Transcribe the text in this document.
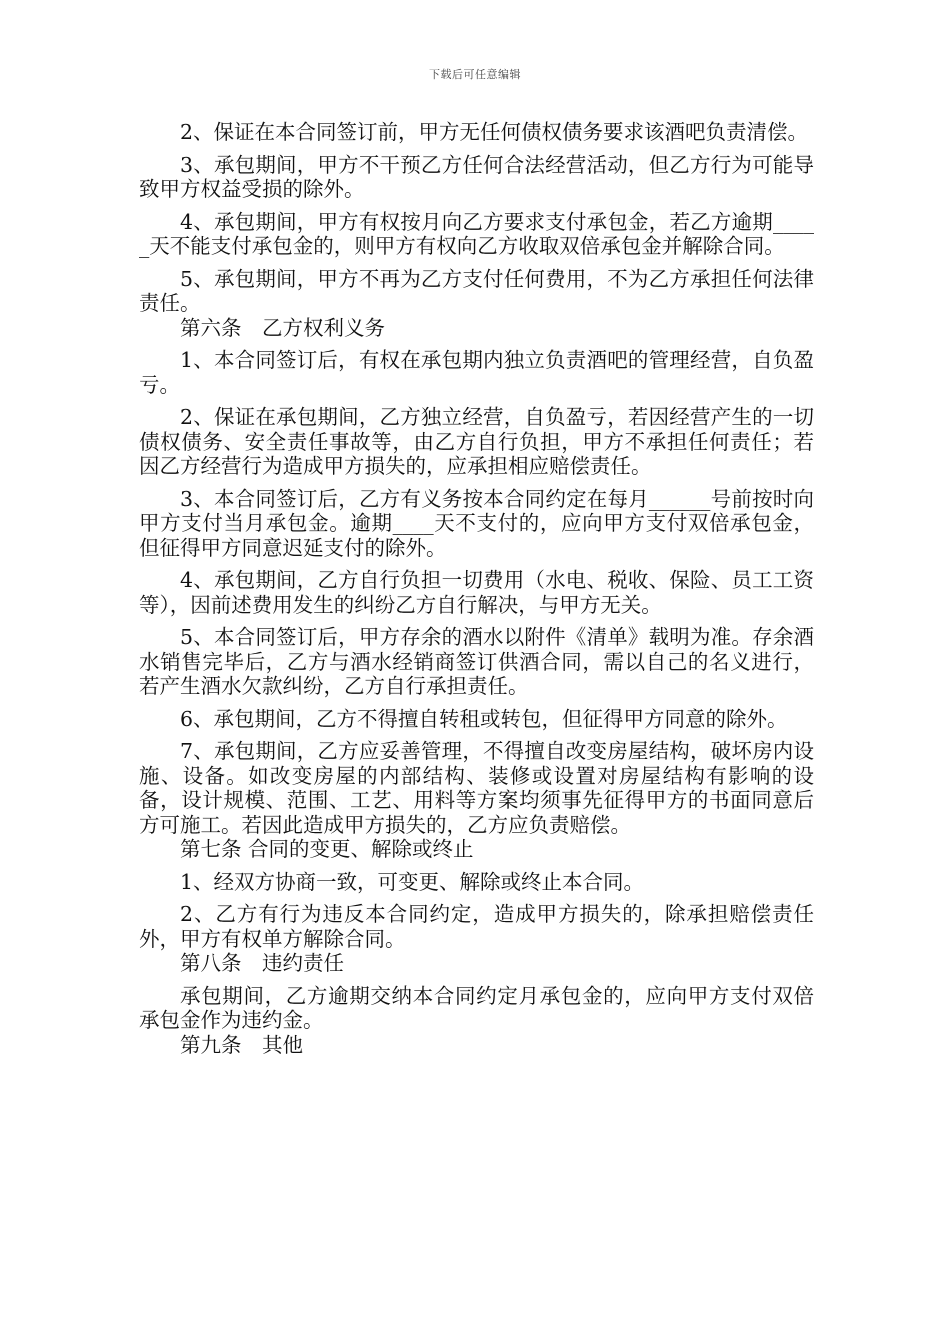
下载后可任意编辑

2、保证在本合同签订前，甲方无任何债权债务要求该酒吧负责清偿。

3、承包期间，甲方不干预乙方任何合法经营活动，但乙方行为可能导致甲方权益受损的除外。

4、承包期间，甲方有权按月向乙方要求支付承包金，若乙方逾期_____天不能支付承包金的，则甲方有权向乙方收取双倍承包金并解除合同。

5、承包期间，甲方不再为乙方支付任何费用，不为乙方承担任何法律责任。

第六条　乙方权利义务

1、本合同签订后，有权在承包期内独立负责酒吧的管理经营，自负盈亏。

2、保证在承包期间，乙方独立经营，自负盈亏，若因经营产生的一切债权债务、安全责任事故等，由乙方自行负担，甲方不承担任何责任；若因乙方经营行为造成甲方损失的，应承担相应赔偿责任。

3、本合同签订后，乙方有义务按本合同约定在每月______号前按时向甲方支付当月承包金。逾期____天不支付的，应向甲方支付双倍承包金，但征得甲方同意迟延支付的除外。

4、承包期间，乙方自行负担一切费用（水电、税收、保险、员工工资等），因前述费用发生的纠纷乙方自行解决，与甲方无关。

5、本合同签订后，甲方存余的酒水以附件《清单》载明为准。存余酒水销售完毕后，乙方与酒水经销商签订供酒合同，需以自己的名义进行，若产生酒水欠款纠纷，乙方自行承担责任。

6、承包期间，乙方不得擅自转租或转包，但征得甲方同意的除外。

7、承包期间，乙方应妥善管理，不得擅自改变房屋结构，破坏房内设施、设备。如改变房屋的内部结构、装修或设置对房屋结构有影响的设备，设计规模、范围、工艺、用料等方案均须事先征得甲方的书面同意后方可施工。若因此造成甲方损失的，乙方应负责赔偿。

第七条 合同的变更、解除或终止

1、经双方协商一致，可变更、解除或终止本合同。

2、乙方有行为违反本合同约定，造成甲方损失的，除承担赔偿责任外，甲方有权单方解除合同。

第八条　违约责任

承包期间，乙方逾期交纳本合同约定月承包金的，应向甲方支付双倍承包金作为违约金。

第九条　其他
